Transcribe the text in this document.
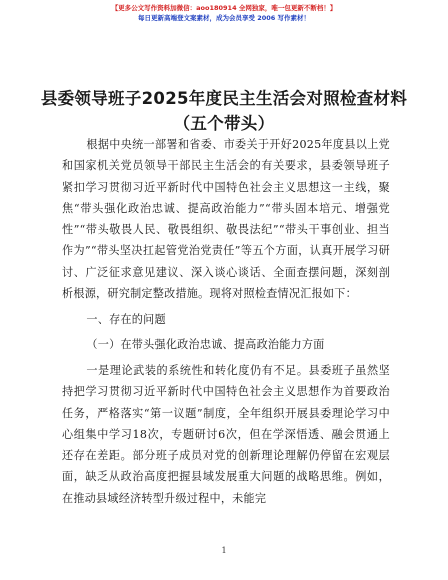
【更多公文写作资料加微信：aoo180914 全网独家，唯一包更新不断档！】
每日更新高端登文案素材，成为会员享受 2006 写作素材！
县委领导班子2025年度民主生活会对照检查材料（五个带头）

根据中央统一部署和省委、市委关于开好2025年度县以上党和国家机关党员领导干部民主生活会的有关要求，县委领导班子紧扣学习贯彻习近平新时代中国特色社会主义思想这一主线，聚焦“带头强化政治忠诚、提高政治能力”“带头固本培元、增强党性”“带头敬畏人民、敬畏组织、敬畏法纪”“带头干事创业、担当作为”“带头坚决扛起管党治党责任”等五个方面，认真开展学习研讨、广泛征求意见建议、深入谈心谈话、全面查摆问题，深刻剖析根源，研究制定整改措施。现将对照检查情况汇报如下：

一、存在的问题

（一）在带头强化政治忠诚、提高政治能力方面

一是理论武装的系统性和转化度仍有不足。县委班子虽然坚持把学习贯彻习近平新时代中国特色社会主义思想作为首要政治任务，严格落实“第一议题”制度，全年组织开展县委理论学习中心组集中学习18次，专题研讨6次，但在学深悟透、融会贯通上还存在差距。部分班子成员对党的创新理论理解仍停留在宏观层面，缺乏从政治高度把握县域发展重大问题的战略思维。例如，在推动县域经济转型升级过程中，未能完

1
